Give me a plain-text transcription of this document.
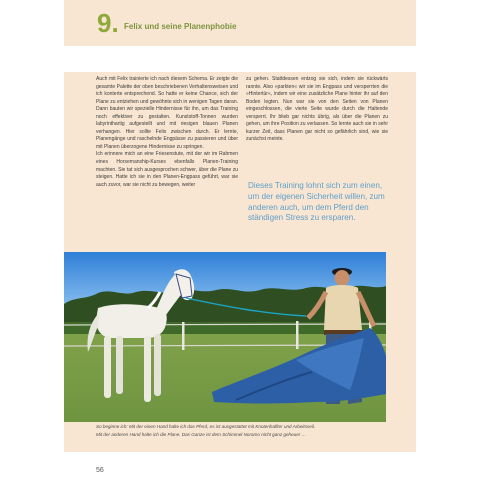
9. Felix und seine Planenphobie

Auch mit Felix trainierte ich nach diesem Schema. Er zeigte die gesamte Palette der oben beschriebenen Verhaltensweisen und ich konterte entsprechend. So hatte er keine Chance, sich der Plane zu entziehen und gewöhnte sich in wenigen Tagen daran. Dann bauten wir spezielle Hindernisse für ihn, um das Training noch effektiver zu gestalten. Kunststoff-Tonnen wurden labyrinthartig aufgestellt und mit riesigen blauen Planen verhangen. Hier sollte Felix zwischen durch. Er lernte, Planengänge und raschelnde Engpässe zu passieren und über mit Planen überzogene Hindernisse zu springen.

Ich erinnere mich an eine Friesenstute, mit der wir im Rahmen eines Horsemanship-Kurses ebenfalls Planen-Training machten. Sie tat sich ausgesprochen schwer, über die Plane zu steigen. Hatte ich sie in den Planen-Engpass geführt, war sie auch zuvor, war sie nicht zu bewegen, weiter

zu gehen. Stattdessen entzog sie sich, indem sie rückwärts rannte. Also »parkten« wir sie im Engpass und versperrten die »Hintertür«, indem wir eine zusätzliche Plane hinter ihr auf den Boden legten. Nun war sie von den Seiten von Planen eingeschlossen, die vierte Seite wurde durch die Haltende versperrt. Ihr blieb gar nichts übrig, als über die Planen zu gehen, um ihre Position zu verlassen. So lernte auch sie in sehr kurzer Zeit, dass Planen gar nicht so gefährlich sind, wie sie zunächst meinte.

Dieses Training lohnt sich zum einen, um der eigenen Sicherheit willen, zum anderen auch, um dem Pferd den ständigen Stress zu ersparen.

So beginne ich: Mit der einen Hand halte ich das Pferd, es ist ausgestattet mit Knotenhalfter und Arbeitsseil.

Mit der anderen Hand halte ich die Plane. Das Ganze ist dem Schimmel Noramo nicht ganz geheuer …

56
